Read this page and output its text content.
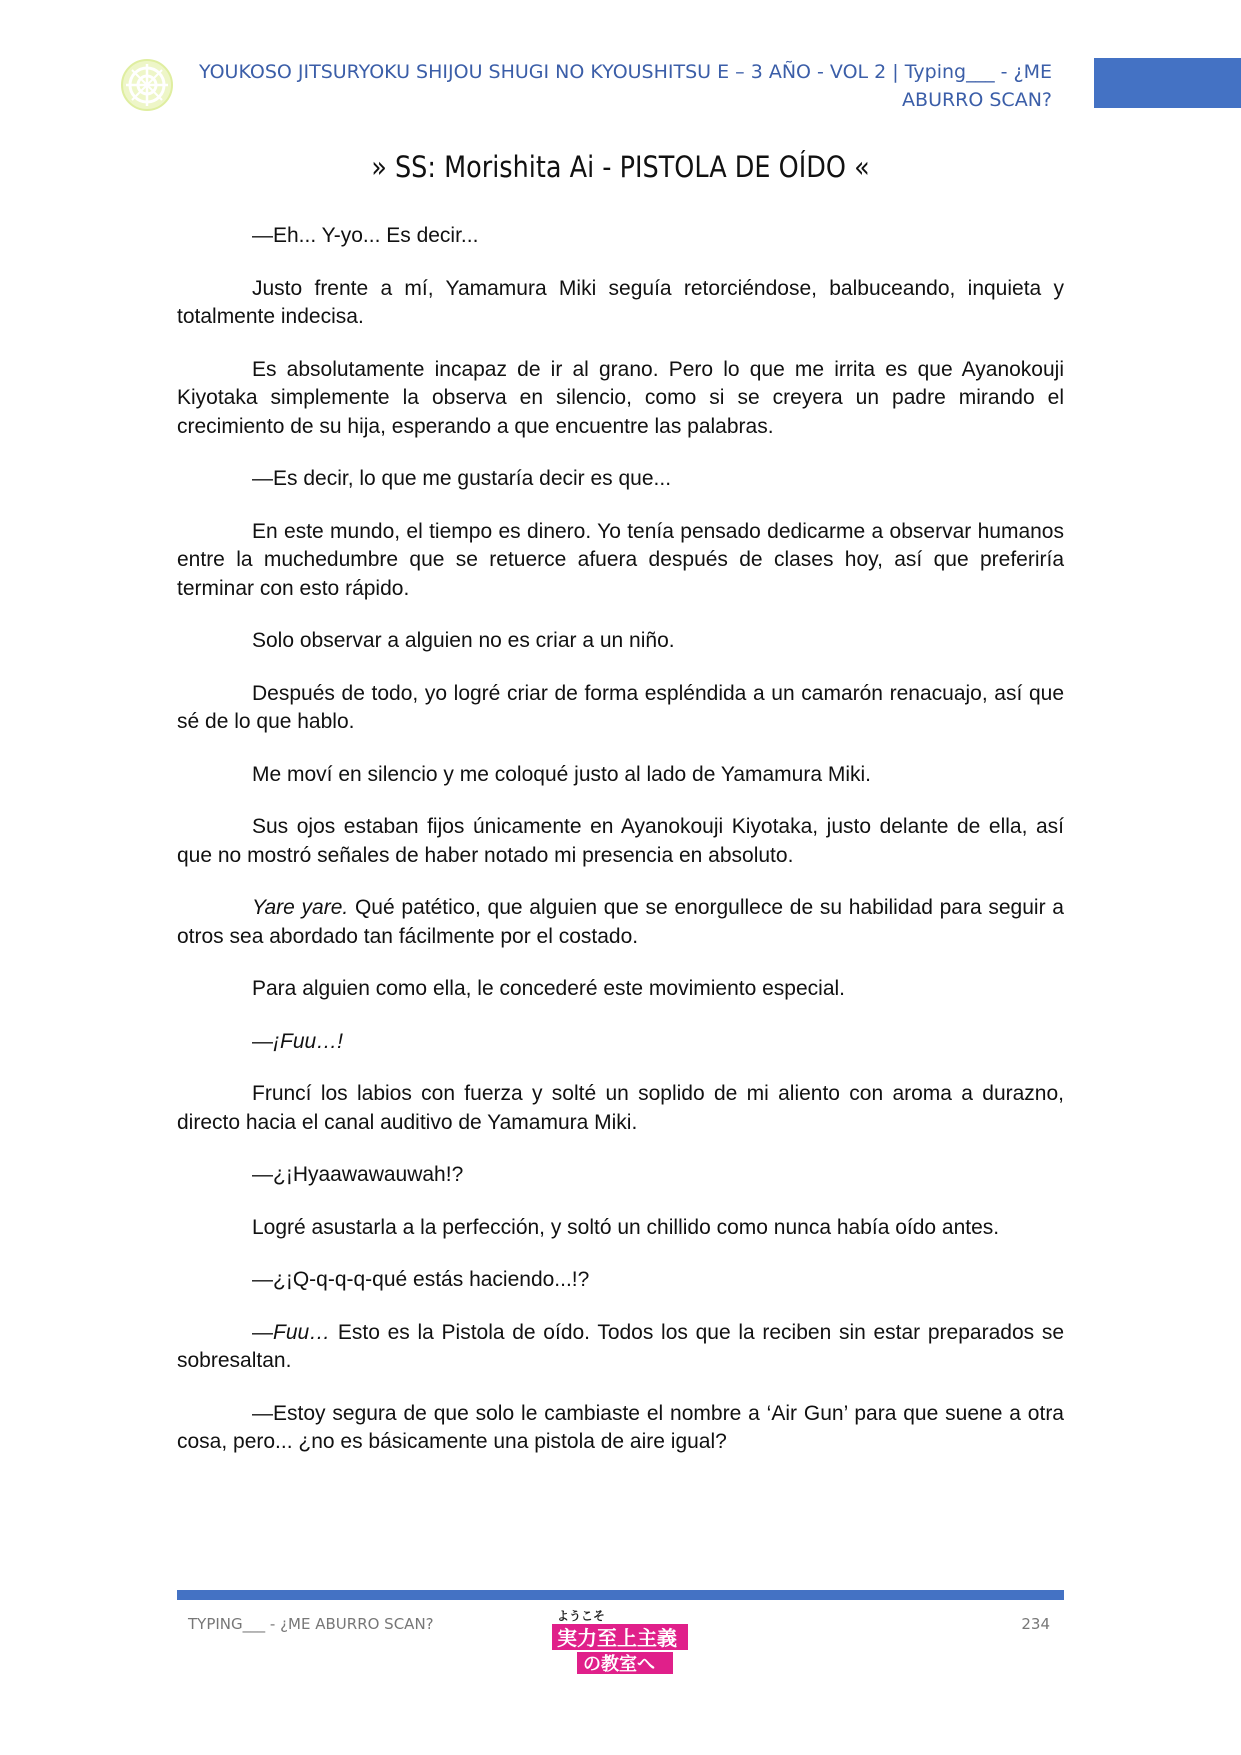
YOUKOSO JITSURYOKU SHIJOU SHUGI NO KYOUSHITSU E – 3 AÑO - VOL 2 | Typing___ - ¿ME
ABURRO SCAN?
» SS: Morishita Ai - PISTOLA DE OÍDO «

—Eh... Y-yo... Es decir...

Justo frente a mí, Yamamura Miki seguía retorciéndose, balbuceando, inquieta y totalmente indecisa.

Es absolutamente incapaz de ir al grano. Pero lo que me irrita es que Ayanokouji Kiyotaka simplemente la observa en silencio, como si se creyera un padre mirando el crecimiento de su hija, esperando a que encuentre las palabras.

—Es decir, lo que me gustaría decir es que...

En este mundo, el tiempo es dinero. Yo tenía pensado dedicarme a observar humanos entre la muchedumbre que se retuerce afuera después de clases hoy, así que preferiría terminar con esto rápido.

Solo observar a alguien no es criar a un niño.

Después de todo, yo logré criar de forma espléndida a un camarón renacuajo, así que sé de lo que hablo.

Me moví en silencio y me coloqué justo al lado de Yamamura Miki.

Sus ojos estaban fijos únicamente en Ayanokouji Kiyotaka, justo delante de ella, así que no mostró señales de haber notado mi presencia en absoluto.

Yare yare. Qué patético, que alguien que se enorgullece de su habilidad para seguir a otros sea abordado tan fácilmente por el costado.

Para alguien como ella, le concederé este movimiento especial.

—¡Fuu…!

Fruncí los labios con fuerza y solté un soplido de mi aliento con aroma a durazno, directo hacia el canal auditivo de Yamamura Miki.

—¿¡Hyaawawauwah!?

Logré asustarla a la perfección, y soltó un chillido como nunca había oído antes.

—¿¡Q-q-q-q-qué estás haciendo...!?

—Fuu… Esto es la Pistola de oído. Todos los que la reciben sin estar preparados se sobresaltan.

—Estoy segura de que solo le cambiaste el nombre a ‘Air Gun’ para que suene a otra cosa, pero... ¿no es básicamente una pistola de aire igual?

TYPING___ - ¿ME ABURRO SCAN?	ようこそ
実力至上主義
の教室へ
234
